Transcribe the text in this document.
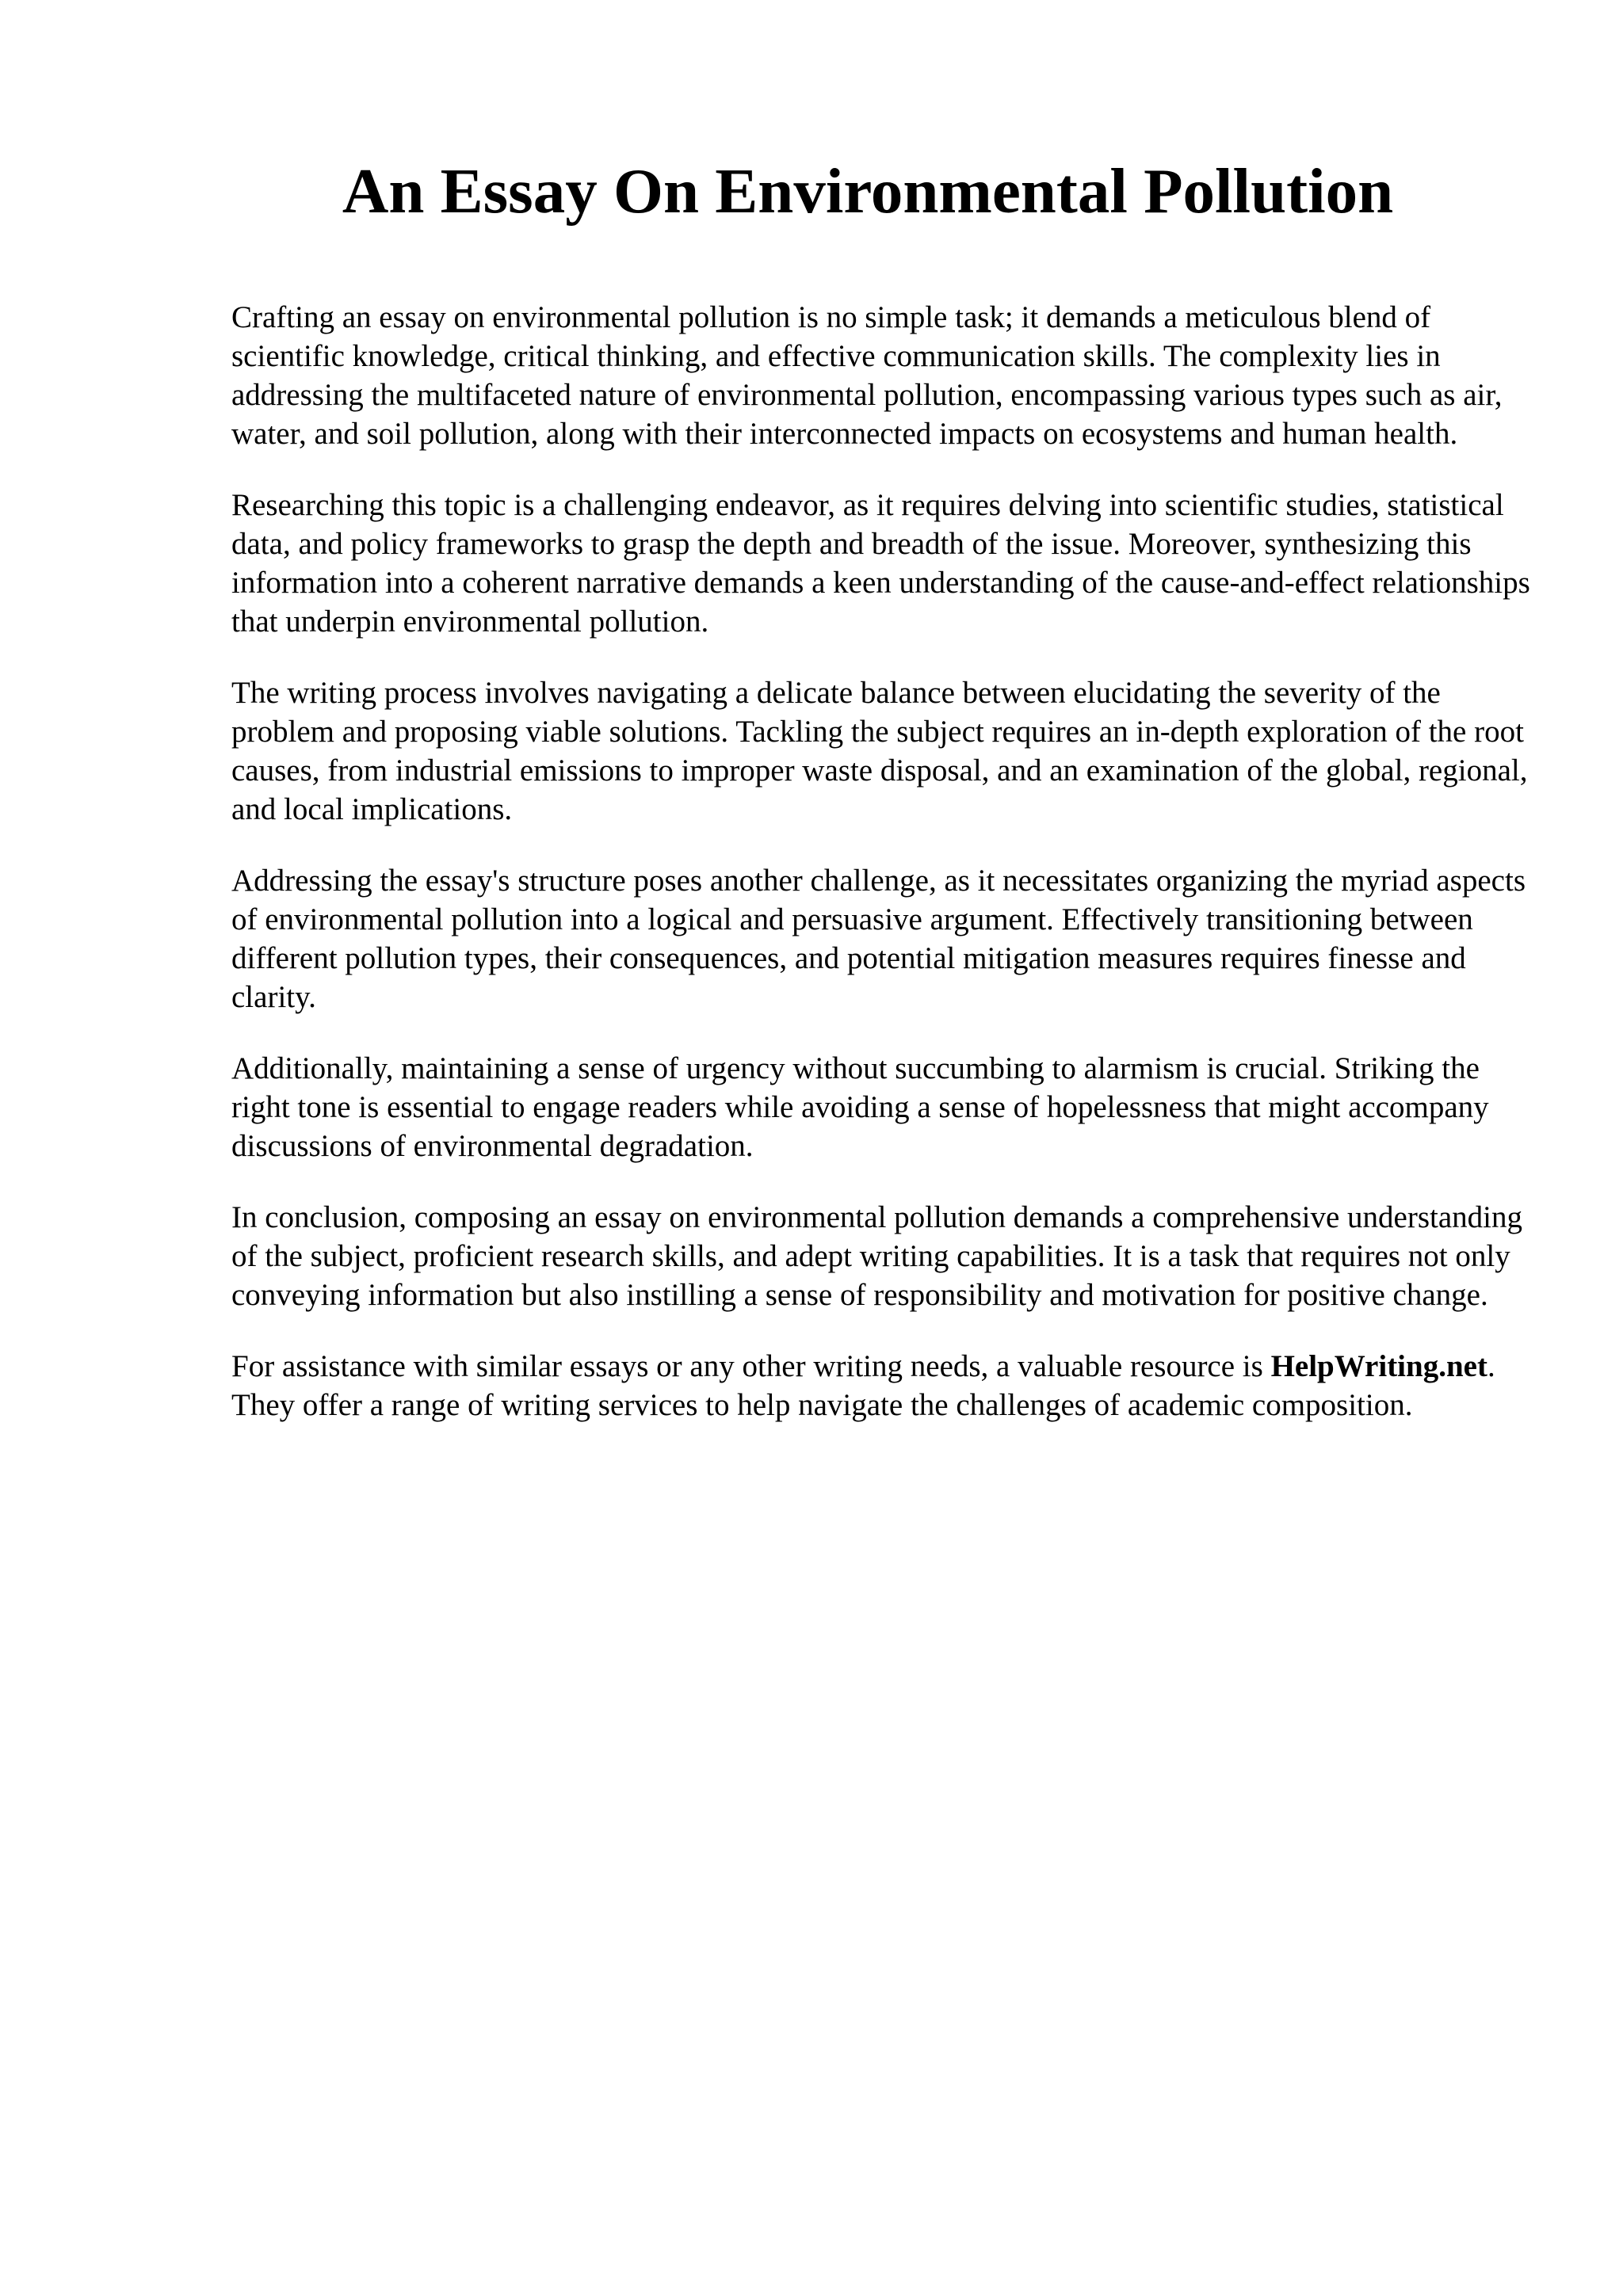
An Essay On Environmental Pollution

Crafting an essay on environmental pollution is no simple task; it demands a meticulous blend of scientific knowledge, critical thinking, and effective communication skills. The complexity lies in addressing the multifaceted nature of environmental pollution, encompassing various types such as air, water, and soil pollution, along with their interconnected impacts on ecosystems and human health.

Researching this topic is a challenging endeavor, as it requires delving into scientific studies, statistical data, and policy frameworks to grasp the depth and breadth of the issue. Moreover, synthesizing this information into a coherent narrative demands a keen understanding of the cause-and-effect relationships that underpin environmental pollution.

The writing process involves navigating a delicate balance between elucidating the severity of the problem and proposing viable solutions. Tackling the subject requires an in-depth exploration of the root causes, from industrial emissions to improper waste disposal, and an examination of the global, regional, and local implications.

Addressing the essay's structure poses another challenge, as it necessitates organizing the myriad aspects of environmental pollution into a logical and persuasive argument. Effectively transitioning between different pollution types, their consequences, and potential mitigation measures requires finesse and clarity.

Additionally, maintaining a sense of urgency without succumbing to alarmism is crucial. Striking the right tone is essential to engage readers while avoiding a sense of hopelessness that might accompany discussions of environmental degradation.

In conclusion, composing an essay on environmental pollution demands a comprehensive understanding of the subject, proficient research skills, and adept writing capabilities. It is a task that requires not only conveying information but also instilling a sense of responsibility and motivation for positive change.

For assistance with similar essays or any other writing needs, a valuable resource is HelpWriting.net. They offer a range of writing services to help navigate the challenges of academic composition.
